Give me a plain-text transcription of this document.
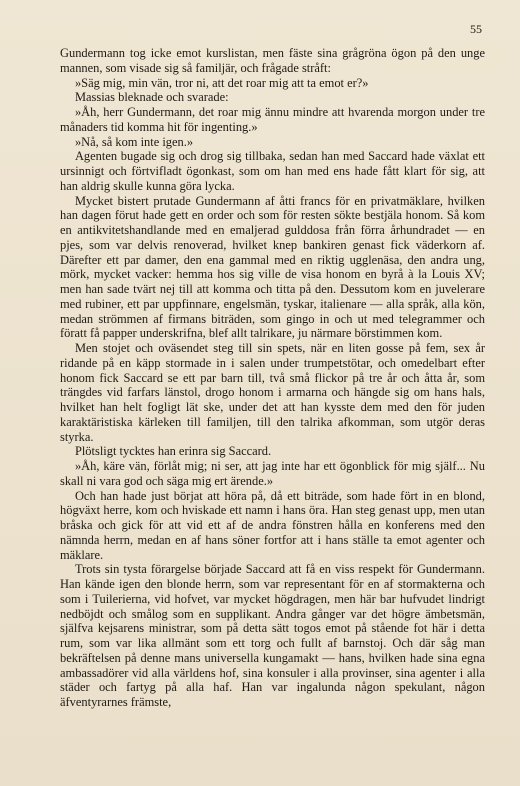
55

Gundermann tog icke emot kurslistan, men fäste sina grågröna ögon på den unge mannen, som visade sig så familjär, och frågade stråft:

»Säg mig, min vän, tror ni, att det roar mig att ta emot er?»

Massias bleknade och svarade:

»Åh, herr Gundermann, det roar mig ännu mindre att hvarenda morgon under tre månaders tid komma hit för ingenting.»

»Nå, så kom inte igen.»

Agenten bugade sig och drog sig tillbaka, sedan han med Saccard hade växlat ett ursinnigt och förtvifladt ögonkast, som om han med ens hade fått klart för sig, att han aldrig skulle kunna göra lycka.

Mycket bistert prutade Gundermann af åtti francs för en privatmäklare, hvilken han dagen förut hade gett en order och som för resten sökte bestjäla honom. Så kom en antikvitetshandlande med en emaljerad gulddosa från förra århundradet — en pjes, som var delvis renoverad, hvilket knep bankiren genast fick väderkorn af. Därefter ett par damer, den ena gammal med en riktig ugglenäsa, den andra ung, mörk, mycket vacker: hemma hos sig ville de visa honom en byrå à la Louis XV; men han sade tvärt nej till att komma och titta på den. Dessutom kom en juvelerare med rubiner, ett par uppfinnare, engelsmän, tyskar, italienare — alla språk, alla kön, medan strömmen af firmans biträden, som gingo in och ut med telegrammer och föratt få papper underskrifna, blef allt talrikare, ju närmare börstimmen kom.

Men stojet och oväsendet steg till sin spets, när en liten gosse på fem, sex år ridande på en käpp stormade in i salen under trumpetstötar, och omedelbart efter honom fick Saccard se ett par barn till, två små flickor på tre år och åtta år, som trängdes vid farfars länstol, drogo honom i armarna och hängde sig om hans hals, hvilket han helt fogligt lät ske, under det att han kysste dem med den för juden karaktäristiska kärleken till familjen, till den talrika afkomman, som utgör deras styrka.

Plötsligt tycktes han erinra sig Saccard.

»Åh, käre vän, förlåt mig; ni ser, att jag inte har ett ögonblick för mig själf... Nu skall ni vara god och säga mig ert ärende.»

Och han hade just börjat att höra på, då ett biträde, som hade fört in en blond, högväxt herre, kom och hviskade ett namn i hans öra. Han steg genast upp, men utan bråska och gick för att vid ett af de andra fönstren hålla en konferens med den nämnda herrn, medan en af hans söner fortfor att i hans ställe ta emot agenter och mäklare.

Trots sin tysta förargelse började Saccard att få en viss respekt för Gundermann. Han kände igen den blonde herrn, som var representant för en af stormakterna och som i Tuilerierna, vid hofvet, var mycket högdragen, men här bar hufvudet lindrigt nedböjdt och smålog som en supplikant. Andra gånger var det högre ämbetsmän, själfva kejsarens ministrar, som på detta sätt togos emot på stående fot här i detta rum, som var lika allmänt som ett torg och fullt af barnstoj. Och där såg man bekräftelsen på denne mans universella kungamakt — hans, hvilken hade sina egna ambassadörer vid alla världens hof, sina konsuler i alla provinser, sina agenter i alla städer och fartyg på alla haf. Han var ingalunda någon spekulant, någon äfventyrarnes främste,
